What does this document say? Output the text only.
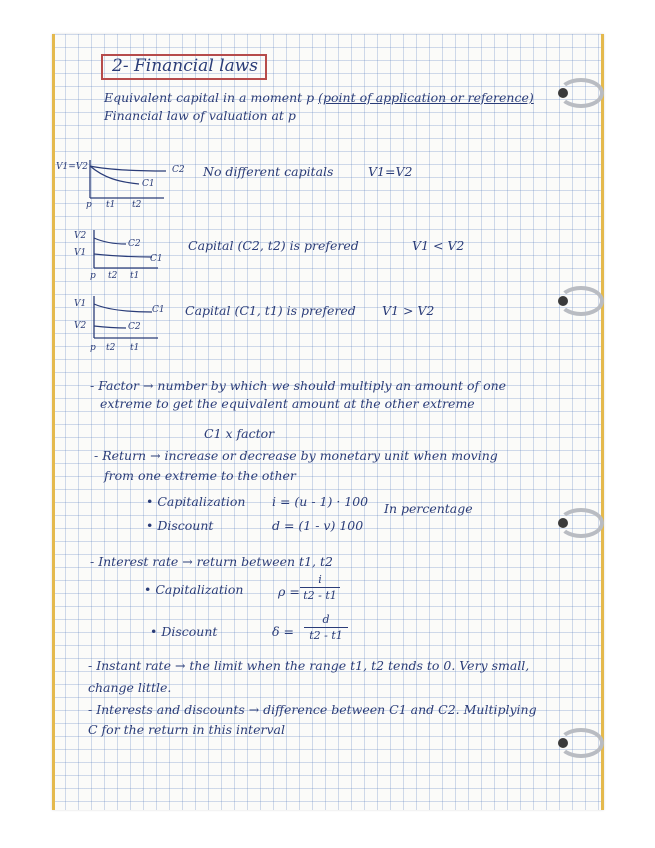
2- Financial laws
Equivalent capital in a moment p (point of application or reference)
Financial law of valuation at p
V1=V2	C2
C1
p t1 t2
No different capitals	V1=V2
V2
V1
C2
C1
p t2 t1
Capital (C2, t2) is prefered	V1 < V2
V1
V2
C1
C2
p t2 t1
Capital (C1, t1) is prefered V1 > V2
- Factor → number by which we should multiply an amount of one
extreme to get the equivalent amount at the other extreme
C1 x factor
- Return → increase or decrease by monetary unit when moving
from one extreme to the other
• Capitalization i = (u - 1) · 100 In percentage
• Discount	d = (1 - v) 100
- Interest rate → return between t1, t2
• Capitalization	$\rho = \frac{i}{t2 - t1}$
• Discount	$\delta = \frac{d}{t2 - t1}$
- Instant rate → the limit when the range t1, t2 tends to 0. Very small,
change little.
- Interests and discounts → difference between C1 and C2. Multiplying
C for the return in this interval
